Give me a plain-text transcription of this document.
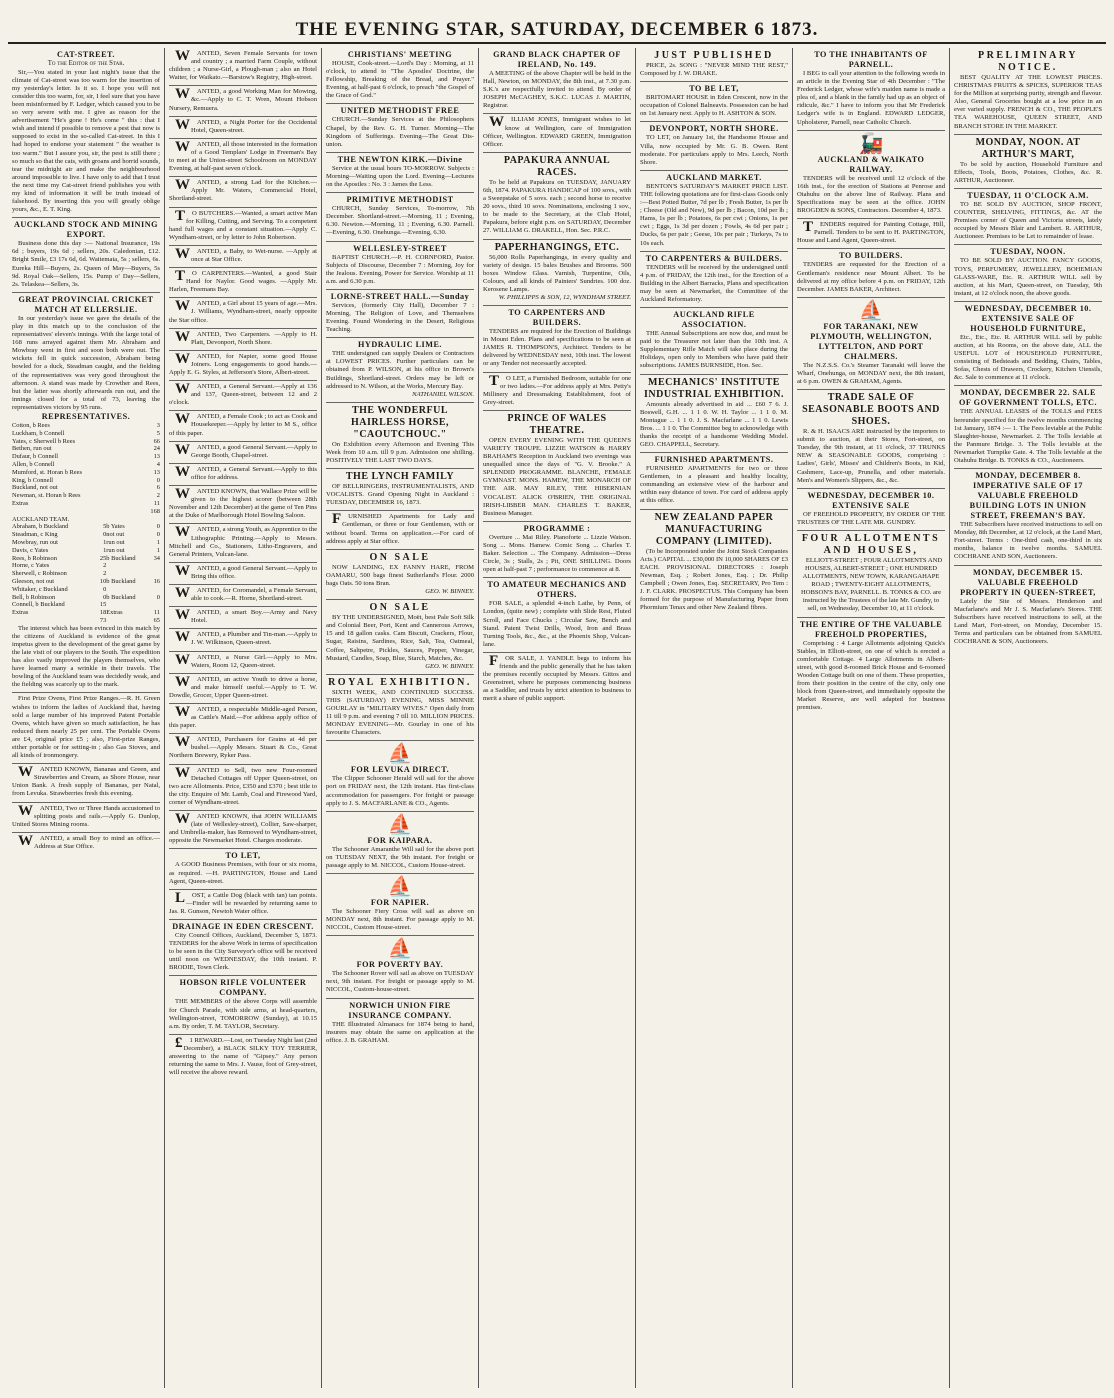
THE EVENING STAR, SATURDAY, DECEMBER 6 1873.
CAT-STREET.
To the Editor of the Star.
Sir,—You stated in your last night's issue that the climate of Cat-street was too warm for the insertion of my yesterday's letter. Is it so. I hope you will not consider this too warm, for, sir, I feel sure that you have been misinformed by F. Ledger, which caused you to be so very severe with me. I give as reason for the advertisement "He's gone ! He's come " this : that I wish and intend if possible to remove a pest that now is supposed to exist in the so-called Cat-street. In this I had hoped to endorse your statement " the weather is too warm." But I assure you, sir, the pest is still there ; so much so that the cats, with groans and horrid sounds, tear the midnight air and make the neighbourhood around impossible to live. I have only to add that I trust the next time my Cat-street friend publishes you with my kind of information it will be truth instead of falsehood. By inserting this you will greatly oblige yours, &c., E. T. King.
AUCKLAND STOCK AND MINING EXPORT.
Business done this day :— National Insurance, 19s 6d ; buyers, 19s 6d ; sellers, 20s. Caledonian, £12. Bright Smile, £3 17s 6d, 6d. Waitemata, 5s ; sellers, 6s. Eureka Hill—Buyers, 2s. Queen of May—Buyers, 5s 9d. Royal Oak—Sellers, 15s. Pump o' Day—Sellers, 2s. Telaskea—Sellers, 3s.
GREAT PROVINCIAL CRICKET MATCH AT ELLERSLIE.
In our yesterday's issue we gave the details of the play in this match up to the conclusion of the representatives' eleven's innings. With the large total of 168 runs arrayed against them Mr. Abraham and Mowbray went in first and soon both were out. The wickets fell in quick succession, Abraham being bowled for a duck, Steadman caught, and the fielding of the representatives was very good throughout the afternoon. A stand was made by Crowther and Rees, but the latter was shortly afterwards run out, and the innings closed for a total of 73, leaving the representatives victors by 95 runs.
REPRESENTATIVES.
Cotton, b Rees	3
Luckham, b Connell	5
Yates, c Sherwell b Rees	66
Bethen, run out	24
Dufaur, b Connell	13
Allen, b Connell	4
Mumford, st. Horan b Rees	13
King, b Connell	0
Buckland, not out	6
Newman, st. Horan b Rees	2
Extras	11
	168
AUCKLAND TEAM.	

Abraham, b Buckland	5	b Yates	0
Steadman, c King	0	not out	0
Mowbray, run out	1	run out	1
Davis, c Yates	1	run out	1
Rees, b Robinson	25	b Buckland	34
Horne, c Yates	2		
Sherwell, c Robinson	2		
Gleeson, not out	10	b Buckland	16
Whitaker, c Buckland	0		
Bell, b Robinson	0	b Buckland	0
Connell, b Buckland	15		
Extras	18	Extras	11
	73		65
The interest which has been evinced in this match by the citizens of Auckland is evidence of the great impetus given to the development of the great game by the late visit of our players to the South. The expedition has also vastly improved the players themselves, who have learned many a wrinkle in their travels. The bowling of the Auckland team was decidedly weak, and the fielding was scarcely up to the mark.
First Prize Ovens, First Prize Ranges.—R. H. Green wishes to inform the ladies of Auckland that, having sold a large number of his improved Patent Portable Ovens, which have given so much satisfaction, he has reduced them nearly 25 per cent. The Portable Ovens are £4, original price £5 ; also, First-prize Ranges, either portable or for setting-in ; also Gas Stoves, and all kinds of ironmongery.
WANTED KNOWN, Bananas and Green, and Strawberries and Cream, as Shore House, near Union Bank. A fresh supply of Bananas, per Natal, from Levuka. Strawberries fresh this evening.
WANTED, Two or Three Hands accustomed to splitting posts and rails.—Apply G. Dunlop, United Stores Mining rooms.
WANTED, a small Boy to mind an office.—Address at Star Office.
WANTED, Seven Female Servants for town and country ; a married Farm Couple, without children ; a Nurse-Girl, a Plough-man ; also an Hotel Waiter, for Waikato.—Barstow's Registry, High-street.
WANTED, a good Working Man for Mowing, &c.—Apply to C. T. Wren, Mount Hobson Nursery, Remuera.
WANTED, a Night Porter for the Occidental Hotel, Queen-street.
WANTED, all those interested in the formation of a Good Templars' Lodge in Freeman's Bay to meet at the Union-street Schoolroom on MONDAY Evening, at half-past seven o'clock.
WANTED, a strong Lad for the Kitchen.—Apply Mr. Waters, Commercial Hotel, Shortland-street.
TO BUTCHERS.—Wanted, a smart active Man for Killing, Cutting, and Serving. To a competent hand full wages and a constant situation.—Apply C. Wyndham-street, or by letter to John Robertson.
WANTED, a Baby, to Wet-nurse. —Apply at once at Star Office.
TO CARPENTERS.—Wanted, a good Stair Hand for Naylor. Good wages. —Apply Mr. Harlen, Freemans Bay.
WANTED, a Girl about 15 years of age.—Mrs. J. Williams, Wyndham-street, nearly opposite the Star office.
WANTED, Two Carpenters. —Apply to H. Platt, Devonport, North Shore.
WANTED, for Napier, some good House Joiners. Long engagements to good hands.—Apply E. G. Styles, at Jefferson's Store, Albert-street.
WANTED, a General Servant.—Apply at 136 and 137, Queen-street, between 12 and 2 o'clock.
WANTED, a Female Cook ; to act as Cook and Housekeeper.—Apply by letter to M S., office of this paper.
WANTED, a good General Servant.—Apply to George Booth, Chapel-street.
WANTED, a General Servant.—Apply to this office for address.
WANTED KNOWN, that Wallace Prize will be given to the highest scorer (between 28th November and 12th December) at the game of Ten Pins at the Duke of Marlborough Hotel Bowling Saloon.
WANTED, a strong Youth, as Apprentice to the Lithographic Printing.—Apply to Messrs. Mitchell and Co., Stationers, Litho-Engravers, and General Printers, Vulcan-lane.
WANTED, a good General Servant.—Apply to Bring this office.
WANTED, for Coromandel, a Female Servant, able to cook.—R. Horne, Shortland-street.
WANTED, a smart Boy.—Army and Navy Hotel.
WANTED, a Plumber and Tin-man.—Apply to J. W. Wilkinson, Queen-street.
WANTED, a Nurse Girl.—Apply to Mrs. Waters, Room 12, Queen-street.
WANTED, an active Youth to drive a horse, and make himself useful.—Apply to T. W. Dowdle, Grocer, Upper Queen-street.
WANTED, a respectable Middle-aged Person, as Cattle's Maid.—For address apply office of this paper.
WANTED, Purchasers for Grains at 4d per bushel.—Apply Messrs. Stuart & Co., Great Northern Brewery, Ryker Pass.
WANTED to Sell, two new Four-roomed Detached Cottages off Upper Queen-street, on two acre Allotments. Price, £350 and £370 ; best title to the city. Enquire of Mr. Lamb, Coal and Firewood Yard, corner of Wyndham-street.
WANTED KNOWN, that JOHN WILLIAMS (late of Wellesley-street), Collier, Saw-sharper, and Umbrella-maker, has Removed to Wyndham-street, opposite the Newmarket Hotel. Charges moderate.
TO LET,
A GOOD Business Premises, with four or six rooms, as required. —H. PARTINGTON, House and Land Agent, Queen-street.
LOST, a Cattle Dog (black with tan) tan points.—Finder will be rewarded by returning same to Jas. R. Gunson, Newtoh Water office.
DRAINAGE IN EDEN CRESCENT.
City Council Offices, Auckland, December 5, 1873. TENDERS for the above Work in terms of specification to be seen in the City Surveyor's office will be received until noon on WEDNESDAY, the 10th instant. P. BRODIE, Town Clerk.
HOBSON RIFLE VOLUNTEER COMPANY.
THE MEMBERS of the above Corps will assemble for Church Parade, with side arms, at head-quarters, Wellington-street, TOMORROW (Sunday), at 10.15 a.m. By order, T. M. TAYLOR, Secretary.
£1 REWARD.—Lost, on Tuesday Night last (2nd December), a BLACK SILKY TOY TERRIER, answering to the name of "Gipsey." Any person returning the same to Mrs. J. Vause, foot of Grey-street, will receive the above reward.
CHRISTIANS' MEETING
HOUSE, Cook-street.—Lord's Day : Morning, at 11 o'clock, to attend to "The Apostles' Doctrine, the Fellowship, Breaking of the Bread, and Prayer." Evening, at half-past 6 o'clock, to preach "the Gospel of the Grace of God."
UNITED METHODIST FREE
CHURCH.—Sunday Services at the Philosophers Chapel, by the Rev. G. H. Turner. Morning—The Kingdom of Sufferings. Evening—The Great Dis-union.
THE NEWTON KIRK.—Divine
Service at the usual hours TO-MORROW. Subjects : Morning—Waiting upon the Lord. Evening—Lectures on the Apostles : No. 3 : James the Less.
PRIMITIVE METHODIST
CHURCH, Sunday Services, To-morrow, 7th December. Shortland-street.—Morning, 11 ; Evening, 6.30. Newton.—Morning, 11 ; Evening, 6.30. Parnell.—Evening, 6.30. Onehunga.—Evening, 6.30.
WELLESLEY-STREET
BAPTIST CHURCH.—P. H. CORNFORD, Pastor. Subjects of Discourse, December 7 : Morning, Joy for the Jealous. Evening, Power for Service. Worship at 11 a.m. and 6.30 p.m.
LORNE-STREET HALL.—Sunday
Services, (formerly City Hall), December 7 : Morning, The Religion of Love, and Themselves Evening. Found Wondering in the Desert, Religious Teaching.
HYDRAULIC LIME.
THE undersigned can supply Dealers or Contractors at LOWEST PRICES. Further particulars can be obtained from P. WILSON, at his office in Brown's Buildings, Shortland-street. Orders may be left or addressed to N. Wilson, at the Works, Mercury Bay.
NATHANIEL WILSON.
THE WONDERFUL HAIRLESS HORSE, "CAOUTCHOUC."
On Exhibition every Afternoon and Evening This Week from 10 a.m. till 9 p.m. Admission one shilling. POSITIVELY THE LAST TWO DAYS.
THE LYNCH FAMILY
OF BELLRINGERS, INSTRUMENTALISTS, AND VOCALISTS. Grand Opening Night in Auckland : TUESDAY, DECEMBER 16, 1873.
FURNISHED Apartments for Lady and Gentleman, or three or four Gentlemen, with or without board. Terms on application.—For card of address apply at Star office.
ON SALE
NOW LANDING, EX FANNY HARE, FROM OAMARU, 500 bags finest Sutherland's Flour. 2000 bags Oats. 50 tons Bran.
GEO. W. BINNEY.
ON SALE
BY THE UNDERSIGNED, Moët, best Pale Soft Silk and Colonial Beer, Port, Kent and Cannerous Arrows, 15 and 18 gallon casks. Cam Biscuit, Crackers, Flour, Sugar, Raisins, Sardines, Rice, Salt, Tea, Oatmeal, Coffee, Saltpetre, Pickles, Sauces, Pepper, Vinegar, Mustard, Candles, Soap, Blue, Starch, Matches, &c.
GEO. W. BINNEY.
ROYAL EXHIBITION.
SIXTH WEEK, AND CONTINUED SUCCESS. THIS (SATURDAY) EVENING, MISS MINNIE GOURLAY in "MILITARY WIVES." Open daily from 11 till 9 p.m. and evening 7 till 10. MILLION PRICES. MONDAY EVENING—Mr. Gourlay in one of his favourite Characters.
⛵
FOR LEVUKA DIRECT.
The Clipper Schooner Herald will sail for the above port on FRIDAY next, the 12th instant. Has first-class accommodation for passengers. For freight or passage apply to J. S. MACFARLANE & CO., Agents.
⛵
FOR KAIPARA.
The Schooner Amaranthe Will sail for the above port on TUESDAY NEXT, the 9th instant. For freight or passage apply to M. NICCOL, Custom House-street.
⛵
FOR NAPIER.
The Schooner Fiery Cross will sail as above on MONDAY next, 8th instant. For passage apply to M. NICCOL, Custom House-street.
⛵
FOR POVERTY BAY.
The Schooner Rover will sail as above on TUESDAY next, 9th instant. For freight or passage apply to M. NICCOL, Custom-house-street.
NORWICH UNION FIRE INSURANCE COMPANY.
THE Illustrated Almanacs for 1874 being to hand, insurers may obtain the same on application at the office. J. B. GRAHAM.
GRAND BLACK CHAPTER OF IRELAND, No. 149.
A MEETING of the above Chapter will be held in the Hall, Newton, on MONDAY, the 8th inst., at 7.30 p.m. S.K.'s are respectfully invited to attend. By order of JOSEPH McCAGHEY, S.K.C. LUCAS J. MARTIN, Registrar.
WILLIAM JONES, Immigrant wishes to let know at Wellington, care of Immigration Officer, Wellington. EDWARD GREEN, Immigration Officer.
PAPAKURA ANNUAL RACES.
To be held at Papakura on TUESDAY, JANUARY 6th, 1874. PAPAKURA HANDICAP of 100 sovs., with a Sweepstake of 5 sovs. each ; second horse to receive 20 sovs., third 10 sovs. Nominations, enclosing 1 sov., to be made to the Secretary, at the Club Hotel, Papakura, before eight p.m. on SATURDAY, December 27. WILLIAM G. DRAKELL, Hon. Sec. P.R.C.
PAPERHANGINGS, ETC.
56,000 Rolls Paperhangings, in every quality and variety of design. 15 bales Brushes and Brooms. 500 boxes Window Glass. Varnish, Turpentine, Oils, Colours, and all kinds of Painters' Sundries. 100 doz. Kerosene Lamps.
W. PHILLIPPS & SON, 12, WYNDHAM STREET.
TO CARPENTERS AND BUILDERS.
TENDERS are required for the Erection of Buildings in Mount Eden. Plans and specifications to be seen at JAMES R. THOMPSON'S, Architect. Tenders to be delivered by WEDNESDAY next, 10th inst. The lowest or any Tender not necessarily accepted.
TO LET, a Furnished Bedroom, suitable for one or two ladies.—For address apply at Mrs. Petty's Millinery and Dressmaking Establishment, foot of Grey-street.
PRINCE OF WALES THEATRE.
OPEN EVERY EVENING WITH THE QUEEN'S VARIETY TROUPE. LIZZIE WATSON & HARRY BRAHAM'S Reception in Auckland two evenings was unequalled since the days of "G. V. Brooke." A SPLENDID PROGRAMME. BLANCHE, FEMALE GYMNAST. MONS. HAMEW, THE MONARCH OF THE AIR. MAY RILEY, THE HIBERNIAN VOCALIST. ALICK O'BRIEN, THE ORIGINAL IRISH-LIBBER MAN. CHARLES T. BAKER, Business Manager.
PROGRAMME :
Overture ... Mai Riley. Pianoforte ... Lizzie Watson. Song ... Mons. Hamew. Comic Song ... Charles T. Baker. Selection ... The Company. Admission—Dress Circle, 3s ; Stalls, 2s ; Pit, ONE SHILLING. Doors open at half-past 7 ; performance to commence at 8.
TO AMATEUR MECHANICS AND OTHERS.
FOR SALE, a splendid 4-inch Lathe, by Penn, of London, (quite new) ; complete with Slide Rest, Fluted Scroll, and Face Chucks ; Circular Saw, Bench and Stand. Patent Twist Drills, Wood, Iron and Brass Turning Tools, &c., &c., at the Phoenix Shop, Vulcan-lane.
FOR SALE, J. YANDLE begs to inform his friends and the public generally that he has taken the premises recently occupied by Messrs. Gittos and Greenstreet, where he purposes commencing business as a Saddler, and trusts by strict attention to business to merit a share of public support.
JUST PUBLISHED
PRICE, 2s. SONG : "NEVER MIND THE REST," Composed by J. W. DRAKE.
TO BE LET,
BRITOMART HOUSE in Eden Crescent, now in the occupation of Colonel Balneavis. Possession can be had on 1st January next. Apply to H. ASHTON & SON.
DEVONPORT, NORTH SHORE.
TO LET, on January 1st, the Handsome House and Villa, now occupied by Mr. G. B. Owen. Rent moderate. For particulars apply to Mrs. Leech, North Shore.
AUCKLAND MARKET.
BENTON'S SATURDAY'S MARKET PRICE LIST. THE following quotations are for first-class Goods only :—Best Potted Butter, 7d per lb ; Fresh Butter, 1s per lb ; Cheese (Old and New), 9d per lb ; Bacon, 10d per lb ; Hams, 1s per lb ; Potatoes, 6s per cwt ; Onions, 1s per cwt ; Eggs, 1s 3d per dozen ; Fowls, 4s 6d per pair ; Ducks, 6s per pair ; Geese, 10s per pair ; Turkeys, 7s to 10s each.
TO CARPENTERS & BUILDERS.
TENDERS will be received by the undersigned until 4 p.m. of FRIDAY, the 12th inst., for the Erection of a Building in the Albert Barracks, Plans and specification may be seen at Newmarket, the Committee of the Auckland Reformatory.
AUCKLAND RIFLE ASSOCIATION.
THE Annual Subscriptions are now due, and must be paid to the Treasurer not later than the 10th inst. A Supplementary Rifle Match will take place during the Holidays, open only to Members who have paid their subscriptions. JAMES BURNSIDE, Hon. Sec.
MECHANICS' INSTITUTE INDUSTRIAL EXHIBITION.
Amounts already advertised in aid ... £60 7 6. J. Boswell, G.H. ... 1 1 0. W. H. Taylor ... 1 1 0. M. Montague ... 1 1 0. J. S. Macfarlane ... 1 1 0. Lewis Bros. ... 1 1 0. The Committee beg to acknowledge with thanks the receipt of a handsome Wedding Model. GEO. CHAPPELL, Secretary.
FURNISHED APARTMENTS.
FURNISHED APARTMENTS for two or three Gentlemen, in a pleasant and healthy locality, commanding an extensive view of the harbour and within easy distance of town. For card of address apply at this office.
NEW ZEALAND PAPER MANUFACTURING COMPANY (LIMITED).
(To be Incorporated under the Joint Stock Companies Acts.) CAPITAL ... £30,000 IN 10,000 SHARES OF £3 EACH. PROVISIONAL DIRECTORS : Joseph Newman, Esq. ; Robert Jones, Esq. ; Dr. Philip Campbell ; Owen Jones, Esq. SECRETARY, Pro Tem : J. F. CLARK. PROSPECTUS. This Company has been formed for the purpose of Manufacturing Paper from Phormium Tenax and other New Zealand fibres.
TO THE INHABITANTS OF PARNELL.
I BEG to call your attention to the following words in an article in the Evening Star of 4th December : "The Frederick Ledger, whose wife's maiden name is made a plea of, and a blank in the family had up as an object of ridicule, &c." I have to inform you that Mr Frederick Ledger's wife is in England. EDWARD LEDGER, Upholsterer, Parnell, near Catholic Church.
🚂
AUCKLAND & WAIKATO RAILWAY.
TENDERS will be received until 12 o'clock of the 16th inst., for the erection of Stations at Penrose and Otahuhu on the above line of Railway. Plans and Specifications may be seen at the office. JOHN BROGDEN & SONS, Contractors. December 4, 1873.
TENDERS required for Painting Cottage, Hill, Parnell. Tenders to be sent to H. PARTINGTON, House and Land Agent, Queen-street.
TO BUILDERS.
TENDERS are requested for the Erection of a Gentleman's residence near Mount Albert. To be delivered at my office before 4 p.m. on FRIDAY, 12th December. JAMES BAKER, Architect.
⛵
FOR TARANAKI, NEW PLYMOUTH, WELLINGTON, LYTTELTON, AND PORT CHALMERS.
The N.Z.S.S. Co.'s Steamer Taranaki will leave the Wharf, Onehunga, on MONDAY next, the 8th instant, at 6 p.m. OWEN & GRAHAM, Agents.
TRADE SALE OF SEASONABLE BOOTS AND SHOES.
R. & H. ISAACS ARE instructed by the importers to submit to auction, at their Stores, Fort-street, on Tuesday, the 9th instant, at 11 o'clock, 37 TRUNKS NEW & SEASONABLE GOODS, comprising : Ladies', Girls', Misses' and Children's Boots, in Kid, Cashmere, Lace-up, Prunella, and other materials. Men's and Women's Slippers, &c., &c.
WEDNESDAY, DECEMBER 10. EXTENSIVE SALE
OF FREEHOLD PROPERTY, BY ORDER OF THE TRUSTEES OF THE LATE MR. GUNDRY.
FOUR ALLOTMENTS AND HOUSES,
ELLIOTT-STREET ; FOUR ALLOTMENTS AND HOUSES, ALBERT-STREET ; ONE HUNDRED ALLOTMENTS, NEW TOWN, KARANGAHAPE ROAD ; TWENTY-EIGHT ALLOTMENTS, HOBSON'S BAY, PARNELL. B. TONKS & CO. are instructed by the Trustees of the late Mr. Gundry, to sell, on Wednesday, December 10, at 11 o'clock.
THE ENTIRE OF THE VALUABLE FREEHOLD PROPERTIES,
Comprising : 4 Large Allotments adjoining Quick's Stables, in Elliott-street, on one of which is erected a comfortable Cottage. 4 Large Allotments in Albert-street, with good 8-roomed Brick House and 6-roomed Wooden Cottage built on one of them. These properties, from their position in the centre of the city, only one block from Queen-street, and immediately opposite the Market Reserve, are well adapted for business premises.
PRELIMINARY NOTICE.
BEST QUALITY AT THE LOWEST PRICES. CHRISTMAS FRUITS & SPICES, SUPERIOR TEAS for the Million at surprising purity, strength and flavour. Also, General Groceries bought at a low price in an ever varied supply. FRENCH & CO., THE PEOPLE'S TEA WAREHOUSE, QUEEN STREET, AND BRANCH STORE IN THE MARKET.
MONDAY, NOON. AT ARTHUR'S MART,
To be sold by auction, Household Furniture and Effects, Tools, Boots, Potatoes, Clothes, &c. R. ARTHUR, Auctioneer.
TUESDAY, 11 O'CLOCK A.M.
TO BE SOLD BY AUCTION, SHOP FRONT, COUNTER, SHELVING, FITTINGS, &c. AT the Premises corner of Queen and Victoria streets, lately occupied by Messrs Blair and Lambert. R. ARTHUR, Auctioneer. Premises to be Let to remainder of lease.
TUESDAY, NOON.
TO BE SOLD BY AUCTION. FANCY GOODS, TOYS, PERFUMERY, JEWELLERY, BOHEMIAN GLASS-WARE, Etc. R. ARTHUR WILL sell by auction, at his Mart, Queen-street, on Tuesday, 9th instant, at 12 o'clock noon, the above goods.
WEDNESDAY, DECEMBER 10. EXTENSIVE SALE OF HOUSEHOLD FURNITURE,
Etc., Etc., Etc. R. ARTHUR WILL sell by public auction, at his Rooms, on the above date, ALL the USEFUL LOT of HOUSEHOLD FURNITURE, consisting of Bedsteads and Bedding, Chairs, Tables, Sofas, Chests of Drawers, Crockery, Kitchen Utensils, &c. Sale to commence at 11 o'clock.
MONDAY, DECEMBER 22. SALE OF GOVERNMENT TOLLS, ETC.
THE ANNUAL LEASES of the TOLLS and FEES hereunder specified for the twelve months commencing 1st January, 1874 :— 1. The Fees leviable at the Public Slaughter-house, Newmarket. 2. The Tolls leviable at the Panmure Bridge. 3. The Tolls leviable at the Newmarket Turnpike Gate. 4. The Tolls leviable at the Otahuhu Bridge. B. TONKS & CO., Auctioneers.
MONDAY, DECEMBER 8. IMPERATIVE SALE OF 17 VALUABLE FREEHOLD BUILDING LOTS IN UNION STREET, FREEMAN'S BAY.
THE Subscribers have received instructions to sell on Monday, 8th December, at 12 o'clock, at the Land Mart, Fort-street. Terms : One-third cash, one-third in six months, balance in twelve months. SAMUEL COCHRANE AND SON, Auctioneers.
MONDAY, DECEMBER 15. VALUABLE FREEHOLD PROPERTY IN QUEEN-STREET,
Lately the Site of Messrs. Henderson and Macfarlane's and Mr J. S. Macfarlane's Stores. THE Subscribers have received instructions to sell, at the Land Mart, Fort-street, on Monday, December 15. Terms and particulars can be obtained from SAMUEL COCHRANE & SON, Auctioneers.
